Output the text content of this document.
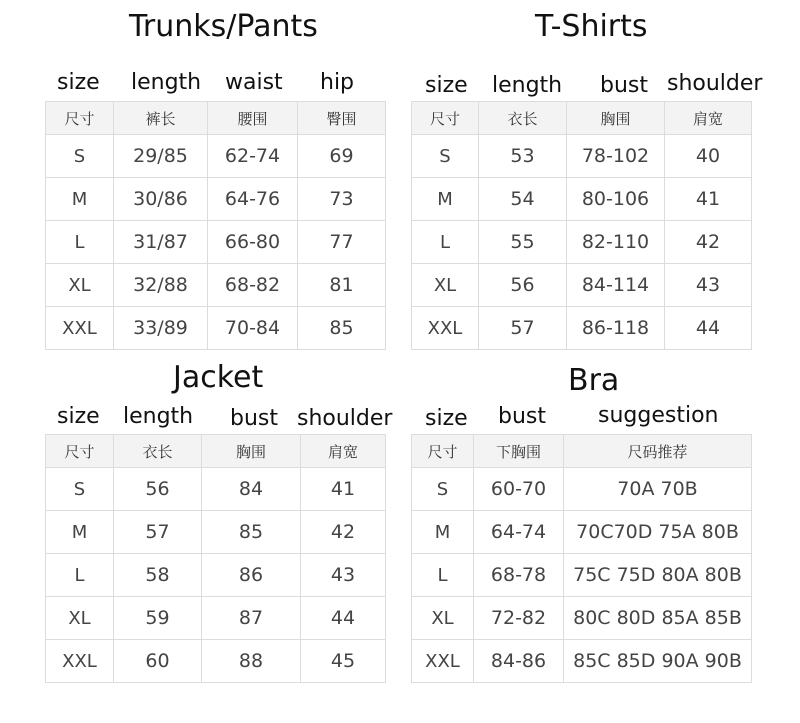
Trunks/Pants
size length waist hip
尺寸	裤长	腰围	臀围
S	29/85	62-74	69
M	30/86	64-76	73
L	31/87	66-80	77
XL	32/88	68-82	81
XXL	33/89	70-84	85
T-Shirts
size length bust shoulder
尺寸	衣长	胸围	肩宽
S	53	78-102	40
M	54	80-106	41
L	55	82-110	42
XL	56	84-114	43
XXL	57	86-118	44
Jacket
size length bust shoulder
尺寸	衣长	胸围	肩宽
S	56	84	41
M	57	85	42
L	58	86	43
XL	59	87	44
XXL	60	88	45
Bra
size bust suggestion
尺寸	下胸围	尺码推荐
S	60-70	70A 70B
M	64-74	70C70D 75A 80B
L	68-78	75C 75D 80A 80B
XL	72-82	80C 80D 85A 85B
XXL	84-86	85C 85D 90A 90B
